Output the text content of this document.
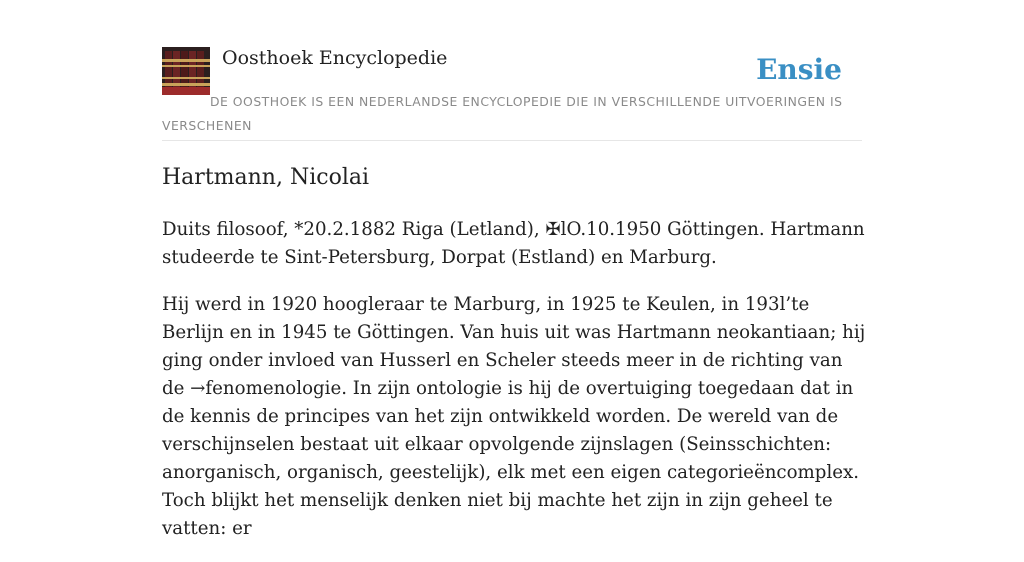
Oosthoek Encyclopedie	Ensie
DE OOSTHOEK IS EEN NEDERLANDSE ENCYCLOPEDIE DIE IN VERSCHILLENDE UITVOERINGEN IS VERSCHENEN
Hartmann, Nicolai

Duits filosoof, *20.2.1882 Riga (Letland), ✠lO.10.1950 Göttingen. Hartmann studeerde te Sint-Petersburg, Dorpat (Estland) en Marburg.

Hij werd in 1920 hoogleraar te Marburg, in 1925 te Keulen, in 193l’te Berlijn en in 1945 te Göttingen. Van huis uit was Hartmann neokantiaan; hij ging onder invloed van Husserl en Scheler steeds meer in de richting van de →fenomenologie. In zijn ontologie is hij de overtuiging toegedaan dat in de kennis de principes van het zijn ontwikkeld worden. De wereld van de verschijnselen bestaat uit elkaar opvolgende zijnslagen (Seinsschichten: anorganisch, organisch, geestelijk), elk met een eigen categorieëncomplex. Toch blijkt het menselijk denken niet bij machte het zijn in zijn geheel te vatten: er
